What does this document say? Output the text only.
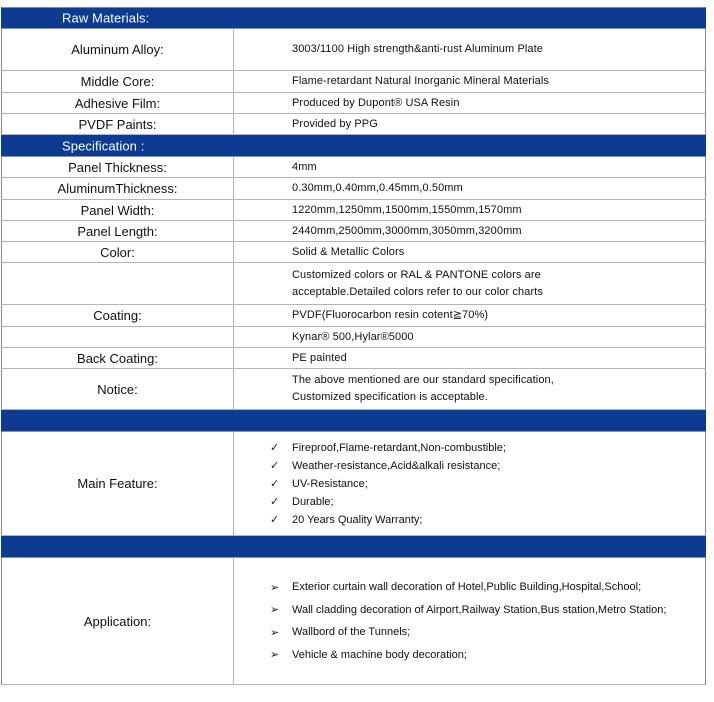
Raw Materials:
Aluminum Alloy:	3003/1100 High strength&anti-rust Aluminum Plate
Middle Core:	Flame-retardant Natural Inorganic Mineral Materials
Adhesive Film:	Produced by Dupont® USA Resin
PVDF Paints:	Provided by PPG
Specification :
Panel Thickness:	4mm
AluminumThickness:	0.30mm,0.40mm,0.45mm,0.50mm
Panel Width:	1220mm,1250mm,1500mm,1550mm,1570mm
Panel Length:	2440mm,2500mm,3000mm,3050mm,3200mm
Color:	Solid & Metallic Colors
Customized colors or RAL & PANTONE colors are
acceptable.Detailed colors refer to our color charts
Coating:	PVDF(Fluorocarbon resin cotent≧70%)
Kynar® 500,Hylar®5000
Back Coating:	PE painted
Notice:
The above mentioned are our standard specification,
Customized specification is acceptable.
Main Feature:
✓	Fireproof,Flame-retardant,Non-combustible;
✓	Weather-resistance,Acid&alkali resistance;
✓	UV-Resistance;
✓	Durable;
✓	20 Years Quality Warranty;
Application:
➢	Exterior curtain wall decoration of Hotel,Public Building,Hospital,School;
➢	Wall cladding decoration of Airport,Railway Station,Bus station,Metro Station;
➢	Wallbord of the Tunnels;
➢	Vehicle & machine body decoration;
